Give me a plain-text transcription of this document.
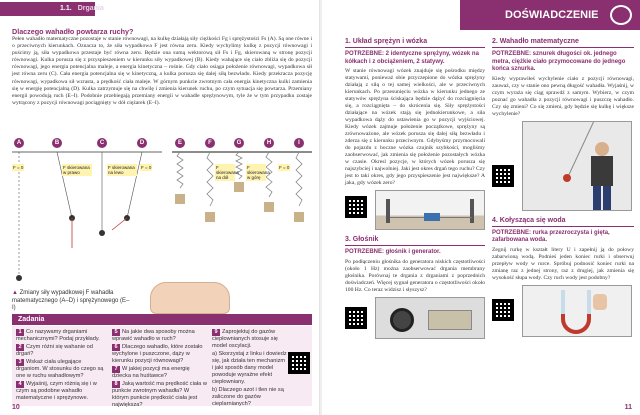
1.1. Drgania
Dlaczego wahadło powtarza ruchy?
Pełen wahadło matematyczne pozostaje w stanie równowagi, na kulkę działają siły ciężkości Fg i sprężystości Fs (A). Są one równe i o przeciwnych kierunkach. Oznacza to, że siła wypadkowa F jest równa zeru. Kiedy wychylimy kulkę z pozycji równowagi i puścimy ją, siła wypadkowa przestaje być równa zeru. Będzie ona sumą wektorową sił Fs i Fg, skierowaną w stronę pozycji równowagi. Kulka porusza się z przyspieszeniem w kierunku siły wypadkowej (B). Kiedy wahające się ciało zbliża się do pozycji równowagi, jego energia potencjalna maleje, a energia kinetyczna – rośnie. Gdy ciało osiąga położenie równowagi, wypadkowa sił jest równa zeru (C). Cała energia potencjalna się w kinetyczną, a kulka porusza się dalej siłą bezwładu. Kiedy przekracza pozycję równowagi, wypadkowa sił wzrasta, a prędkość ciała maleje. W górnym punkcie zwrotnym cała energia kinetyczna kulki zamienia się w energię potencjalną (D). Kulka zatrzymuje się na chwilę i zmienia kierunek ruchu, po czym sytuacja się powtarza. Przemiany energii powodują ruch (E–I). Podobnie przebiegają przemiany energii w wahadle sprężynowym, tyle że w tym przypadku zostaje wytrącony z pozycji równowagi pociągnięty w dół ciężarek (E–I).
A	B	C	D	E	F	G	H	I
F = 0	F skierowana w prawo
F skierowana na lewo
F = 0	F skierowana na dół
F skierowana w górę
F = 0
▲ Zmiany siły wypadkowej F wahadła matematycznego (A–D) i sprężynowego (E–I)
Zadania
1 Co nazywamy drganiami mechanicznymi? Podaj przykłady.
2 Czym różni się wahanie od drgań?
3 Wskaż ciała ulegające drganiom. W stosunku do czego są one w ruchu wahadłowym?
4 Wyjaśnij, czym różnią się i w czym są podobne wahadło matematyczne i sprężynowe.
5 Na jakie dwa sposoby można wprawić wahadło w ruch?
6 Dlaczego wahadło, które zostało wychylone i puszczone, dąży w kierunku pozycji równowagi?
7 W jakiej pozycji ma energię dziecka na huśtawce?
8 Jaką wartość ma prędkość ciała w punkcie zwrotnym wahadła? W którym punkcie prędkość ciała jest największa?
9 Zaprojektuj do gazów ciepłownianych stosuje się model oscylacji.
a) Skorzystaj z linku i dowiedz się, jak działa ten mechanizm i jaki sposób dany model powoduje wyraźne efekt ciepłowniany.
b) Dlaczego azot i tlen nie są zaliczone do gazów cieplarnianych?
10
DOŚWIADCZENIE
1. Układ sprężyn i wózka
POTRZEBNE: 2 identyczne sprężyny, wózek na kółkach i z obciążeniem, 2 statywy.
W stanie równowagi wózek znajduje się pośrodku między statywami, ponieważ obie przyczepione do wózka sprężyny działają z siłą o tej samej wielkości, ale w przeciwnych kierunkach. Po przesunięciu wózka w kierunku jednego ze statywów sprężyna ściskająca będzie dążyć do rozciągnięcia się, a rozciągnięta – do skrócenia się. Siły sprężystości działające na wózek stają się jednokierunkowe, a siła wypadkowa dąży do ustawienia go w pozycji wyjściowej. Kiedy wózek zajmuje położenie początkowe, sprężyny są zrównoważone, ale wózek porusza się dalej siłą bezwładu i zderza się z kierunku przeciwnym. Gdybyśmy przymocowali do pojazdu z boczne wózka czujnik szybkości, mogliśmy zaobserwować, jak zmienia się położenie pozostałych wózka w czasie. Okresl pozycje, w których wózek porusza się najszybciej i najwolniej. Jaki jest okres drgań tego ruchu? Czy jest to taki okres, gdy jego przyspieszenie jest największe? A jaka, gdy wózek zero?
3. Głośnik
POTRZEBNE: głośnik i generator.
Po podłączeniu głośnika do generatora niskich częstotliwości (około 1 Hz) można zaobserwować drgania membrany głośnika. Porównaj te drgania z drganiami z poprzednich doświadczeń. Więcej sygnał generatora o częstotliwości około 100 Hz. Co teraz widzisz i słyszysz?
2. Wahadło matematyczne
POTRZEBNE: sznurek długości ok. jednego metra, ciężkie ciało przymocowane do jednego końca sznurka.
Kiedy wyprawiłeś wychylenie ciało z pozycji równowagi, zauważ, czy w stanie ono pewną długość wahadła. Wyjaśnij, w czym wyraża się ciąg sprawdź z samym. Wybierz, w czym poznać go wahadła z pozycji równowagi i puszczę wahadło. Czy się zmieni? Co się zmieni, gdy będzie się kulkę i większe wychylenie?
4. Kołysząca się woda
POTRZEBNE: rurka przezroczysta i gięta, zafarbowana woda.
Zegnij rurkę w kształt litery U i zapełnij ją do połowy zabarwioną wodą. Podnieś jeden koniec rurki i obserwuj przepływ wody w rurce. Spróbuj podnosić koniec rurki na zmianę raz z jednej strony, raz z drugiej, jak zmienia się wysokość słupa wody. Czy ruch wody jest podobny?
11
